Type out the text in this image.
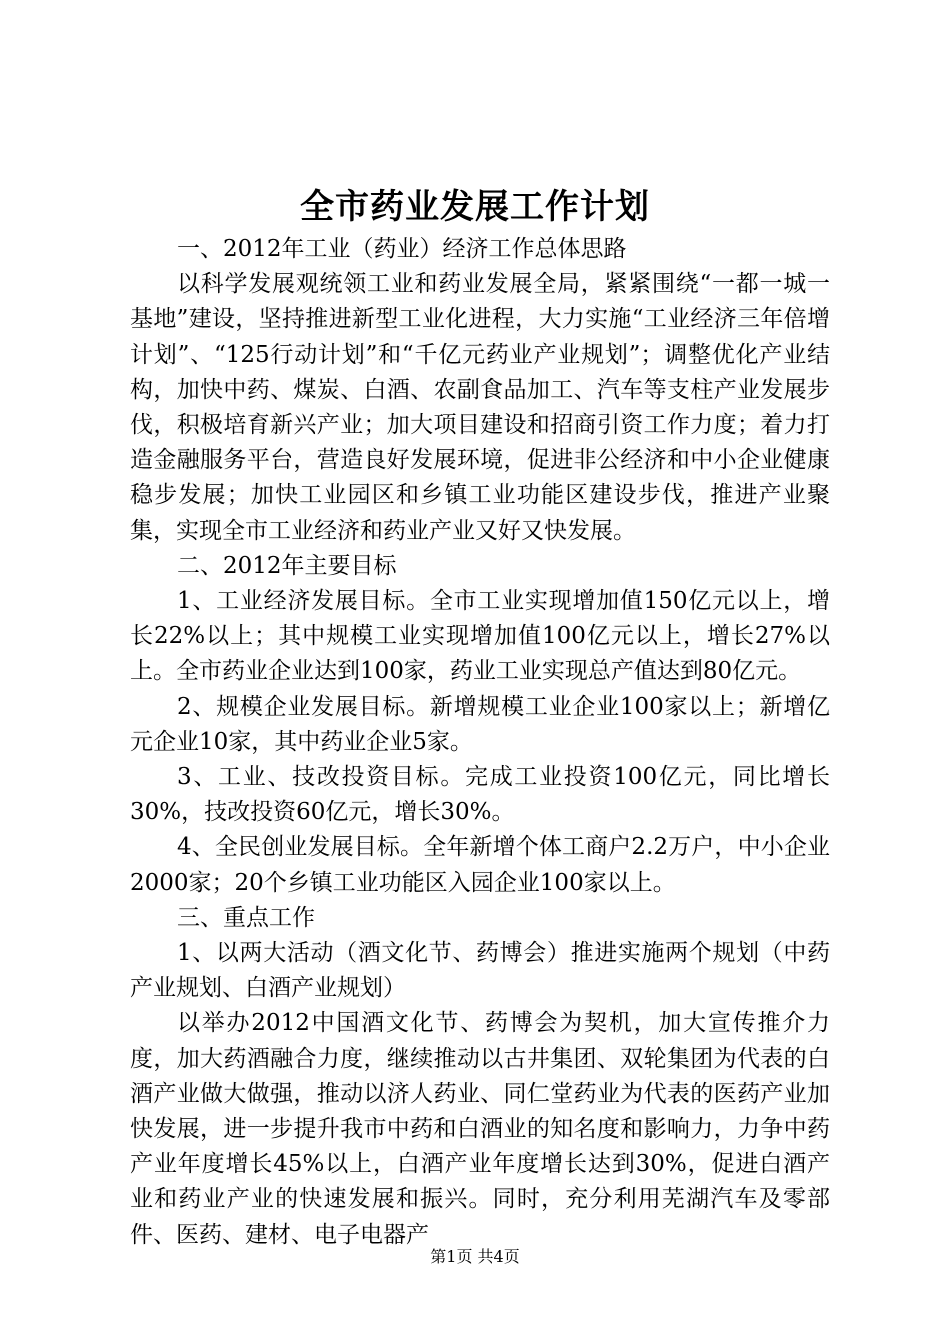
全市药业发展工作计划

一、2012年工业（药业）经济工作总体思路

以科学发展观统领工业和药业发展全局，紧紧围绕“一都一城一基地”建设，坚持推进新型工业化进程，大力实施“工业经济三年倍增计划”、“125行动计划”和“千亿元药业产业规划”；调整优化产业结构，加快中药、煤炭、白酒、农副食品加工、汽车等支柱产业发展步伐，积极培育新兴产业；加大项目建设和招商引资工作力度；着力打造金融服务平台，营造良好发展环境，促进非公经济和中小企业健康稳步发展；加快工业园区和乡镇工业功能区建设步伐，推进产业聚集，实现全市工业经济和药业产业又好又快发展。

二、2012年主要目标

1、工业经济发展目标。全市工业实现增加值150亿元以上，增长22%以上；其中规模工业实现增加值100亿元以上，增长27%以上。全市药业企业达到100家，药业工业实现总产值达到80亿元。

2、规模企业发展目标。新增规模工业企业100家以上；新增亿元企业10家，其中药业企业5家。

3、工业、技改投资目标。完成工业投资100亿元，同比增长30%，技改投资60亿元，增长30%。

4、全民创业发展目标。全年新增个体工商户2.2万户，中小企业2000家；20个乡镇工业功能区入园企业100家以上。

三、重点工作

1、以两大活动（酒文化节、药博会）推进实施两个规划（中药产业规划、白酒产业规划）

以举办2012中国酒文化节、药博会为契机，加大宣传推介力度，加大药酒融合力度，继续推动以古井集团、双轮集团为代表的白酒产业做大做强，推动以济人药业、同仁堂药业为代表的医药产业加快发展，进一步提升我市中药和白酒业的知名度和影响力，力争中药产业年度增长45%以上，白酒产业年度增长达到30%，促进白酒产业和药业产业的快速发展和振兴。同时，充分利用芜湖汽车及零部件、医药、建材、电子电器产

第1页 共4页
